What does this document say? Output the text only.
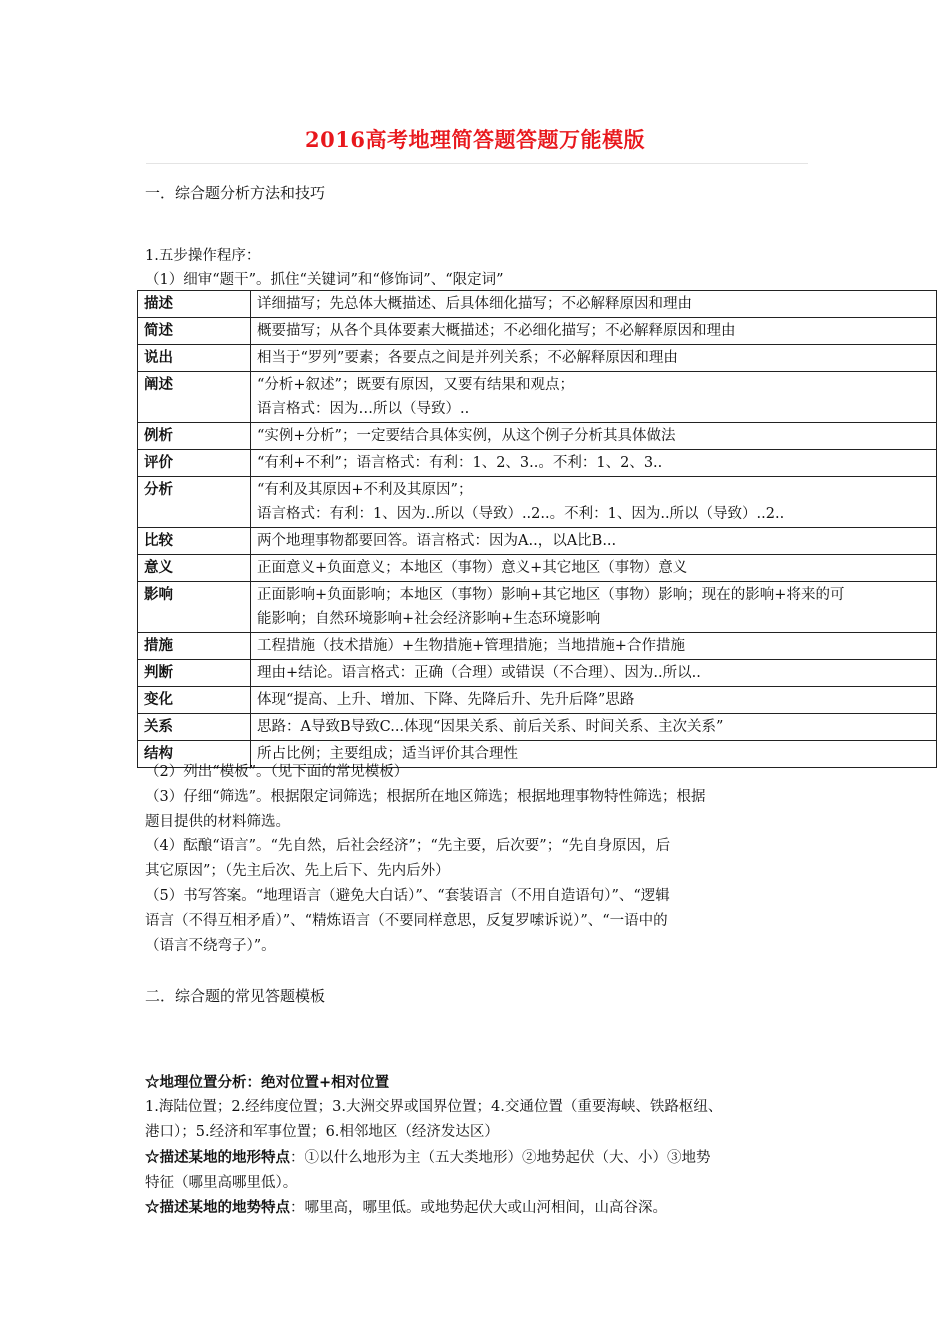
2016高考地理简答题答题万能模版
一．综合题分析方法和技巧
1.五步操作程序：
（1）细审“题干”。抓住“关键词”和“修饰词”、“限定词”
描述	详细描写；先总体大概描述、后具体细化描写；不必解释原因和理由

简述	概要描写；从各个具体要素大概描述；不必细化描写；不必解释原因和理由

说出	相当于“罗列”要素；各要点之间是并列关系；不必解释原因和理由

阐述	“分析+叙述”；既要有原因，又要有结果和观点；
语言格式：因为…所以（导致）..

例析	“实例+分析”；一定要结合具体实例，从这个例子分析其具体做法

评价	“有利+不利”；语言格式：有利：1、2、3..。不利：1、2、3..

分析	“有利及其原因+不利及其原因”；
语言格式：有利：1、因为..所以（导致）..2..。不利：1、因为..所以（导致）..2..

比较	两个地理事物都要回答。语言格式：因为A..，以A比B...

意义	正面意义+负面意义；本地区（事物）意义+其它地区（事物）意义

影响	正面影响+负面影响；本地区（事物）影响+其它地区（事物）影响；现在的影响+将来的可
能影响；自然环境影响+社会经济影响+生态环境影响

措施	工程措施（技术措施）+生物措施+管理措施；当地措施+合作措施

判断	理由+结论。语言格式：正确（合理）或错误（不合理）、因为..所以..

变化	体现“提高、上升、增加、下降、先降后升、先升后降”思路

关系	思路：A导致B导致C...体现“因果关系、前后关系、时间关系、主次关系”

结构	所占比例；主要组成；适当评价其合理性
（2）列出“模板”。（见下面的常见模板）
（3）仔细“筛选”。根据限定词筛选；根据所在地区筛选；根据地理事物特性筛选；根据
题目提供的材料筛选。
（4）酝酿“语言”。“先自然，后社会经济”；“先主要，后次要”；“先自身原因，后
其它原因”；（先主后次、先上后下、先内后外）
（5）书写答案。“地理语言（避免大白话）”、“套装语言（不用自造语句）”、“逻辑
语言（不得互相矛盾）”、“精炼语言（不要同样意思，反复罗嗦诉说）”、“一语中的
（语言不绕弯子）”。
二．综合题的常见答题模板
☆地理位置分析：绝对位置+相对位置
1.海陆位置；2.经纬度位置；3.大洲交界或国界位置；4.交通位置（重要海峡、铁路枢纽、
港口）；5.经济和军事位置；6.相邻地区（经济发达区）
☆描述某地的地形特点：①以什么地形为主（五大类地形）②地势起伏（大、小）③地势
特征（哪里高哪里低）。
☆描述某地的地势特点：哪里高，哪里低。或地势起伏大或山河相间，山高谷深。
